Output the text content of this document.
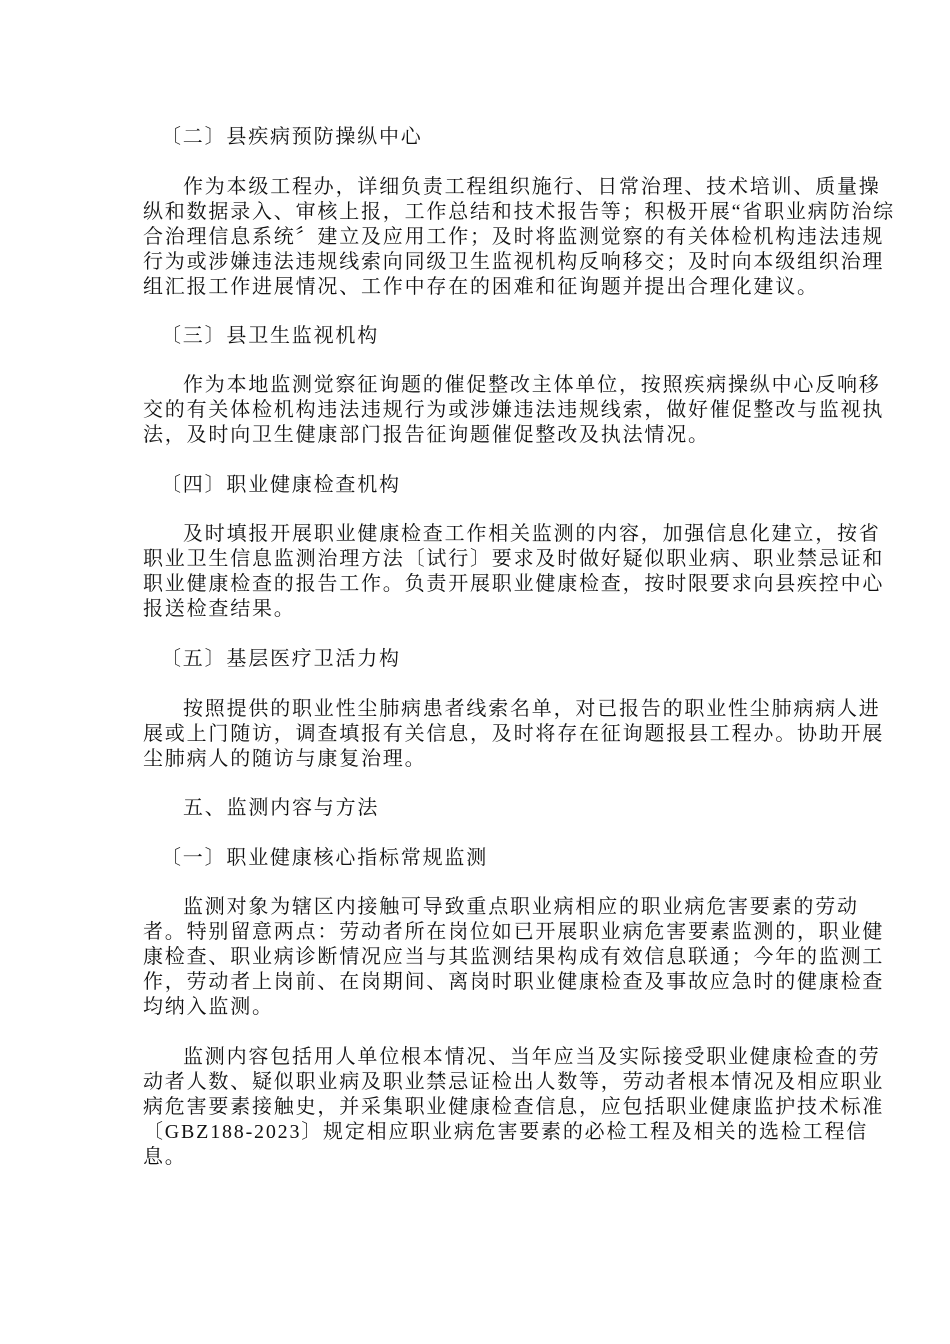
〔二〕县疾病预防操纵中心
作为本级工程办，详细负责工程组织施行、日常治理、技术培训、质量操
纵和数据录入、审核上报，工作总结和技术报告等；积极开展“省职业病防治综
合治理信息系统〞建立及应用工作；及时将监测觉察的有关体检机构违法违规
行为或涉嫌违法违规线索向同级卫生监视机构反响移交；及时向本级组织治理
组汇报工作进展情况、工作中存在的困难和征询题并提出合理化建议。
〔三〕县卫生监视机构
作为本地监测觉察征询题的催促整改主体单位，按照疾病操纵中心反响移
交的有关体检机构违法违规行为或涉嫌违法违规线索，做好催促整改与监视执
法，及时向卫生健康部门报告征询题催促整改及执法情况。
〔四〕职业健康检查机构
及时填报开展职业健康检查工作相关监测的内容，加强信息化建立，按省
职业卫生信息监测治理方法〔试行〕要求及时做好疑似职业病、职业禁忌证和
职业健康检查的报告工作。负责开展职业健康检查，按时限要求向县疾控中心
报送检查结果。
〔五〕基层医疗卫活力构
按照提供的职业性尘肺病患者线索名单，对已报告的职业性尘肺病病人进
展或上门随访，调查填报有关信息，及时将存在征询题报县工程办。协助开展
尘肺病人的随访与康复治理。
五、监测内容与方法
〔一〕职业健康核心指标常规监测
监测对象为辖区内接触可导致重点职业病相应的职业病危害要素的劳动
者。特别留意两点：劳动者所在岗位如已开展职业病危害要素监测的，职业健
康检查、职业病诊断情况应当与其监测结果构成有效信息联通；今年的监测工
作，劳动者上岗前、在岗期间、离岗时职业健康检查及事故应急时的健康检查
均纳入监测。
监测内容包括用人单位根本情况、当年应当及实际接受职业健康检查的劳
动者人数、疑似职业病及职业禁忌证检出人数等，劳动者根本情况及相应职业
病危害要素接触史，并采集职业健康检查信息，应包括职业健康监护技术标准
〔GBZ188-2023〕规定相应职业病危害要素的必检工程及相关的选检工程信
息。
